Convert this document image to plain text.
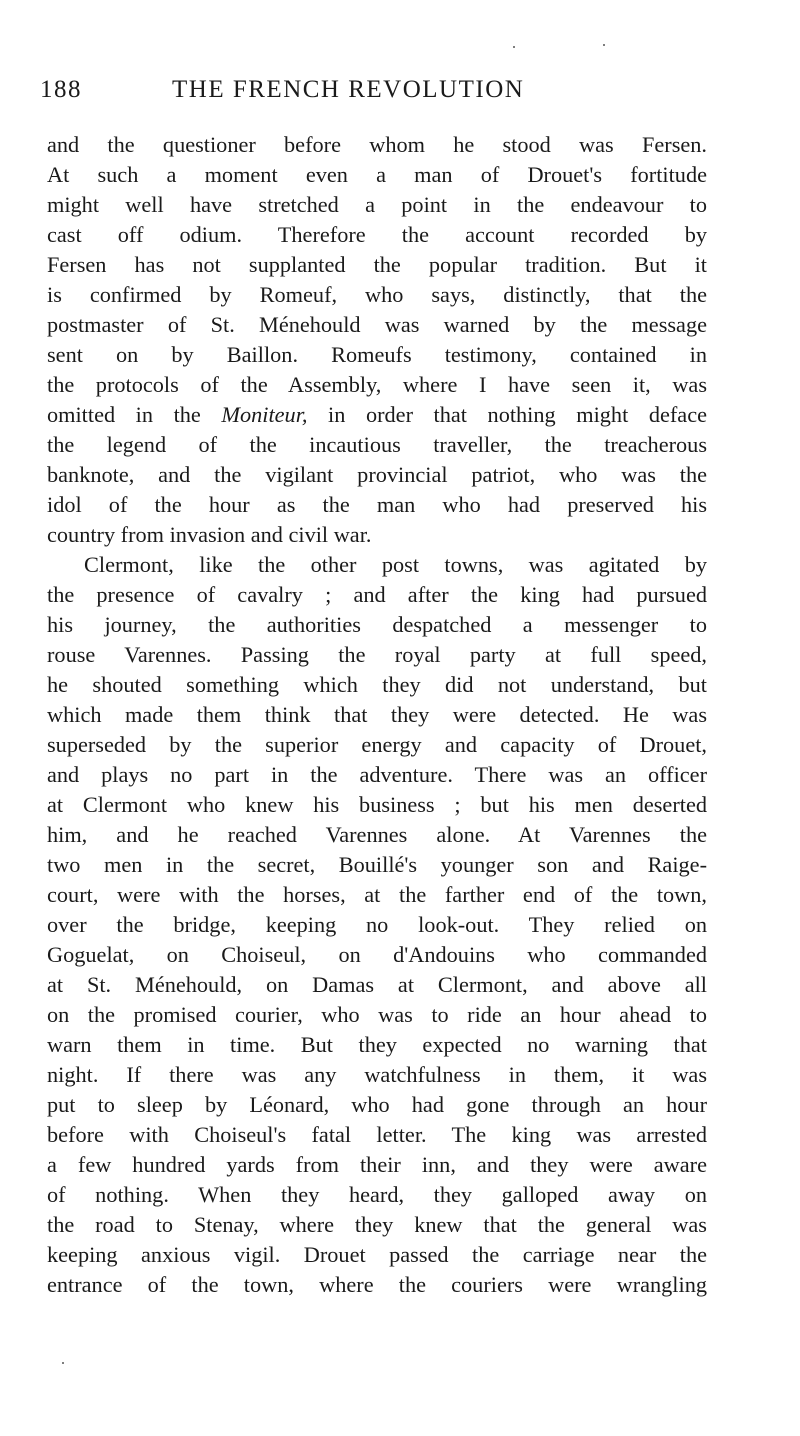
188	THE FRENCH REVOLUTION
and the questioner before whom he stood was Fersen.
At such a moment even a man of Drouet's fortitude
might well have stretched a point in the endeavour to
cast off odium. Therefore the account recorded by
Fersen has not supplanted the popular tradition. But it
is confirmed by Romeuf, who says, distinctly, that the
postmaster of St. Ménehould was warned by the message
sent on by Baillon. Romeufs testimony, contained in
the protocols of the Assembly, where I have seen it, was
omitted in the Moniteur, in order that nothing might deface
the legend of the incautious traveller, the treacherous
banknote, and the vigilant provincial patriot, who was the
idol of the hour as the man who had preserved his
country from invasion and civil war.
Clermont, like the other post towns, was agitated by
the presence of cavalry ; and after the king had pursued
his journey, the authorities despatched a messenger to
rouse Varennes. Passing the royal party at full speed,
he shouted something which they did not understand, but
which made them think that they were detected. He was
superseded by the superior energy and capacity of Drouet,
and plays no part in the adventure. There was an officer
at Clermont who knew his business ; but his men deserted
him, and he reached Varennes alone. At Varennes the
two men in the secret, Bouillé's younger son and Raige-
court, were with the horses, at the farther end of the town,
over the bridge, keeping no look-out. They relied on
Goguelat, on Choiseul, on d'Andouins who commanded
at St. Ménehould, on Damas at Clermont, and above all
on the promised courier, who was to ride an hour ahead to
warn them in time. But they expected no warning that
night. If there was any watchfulness in them, it was
put to sleep by Léonard, who had gone through an hour
before with Choiseul's fatal letter. The king was arrested
a few hundred yards from their inn, and they were aware
of nothing. When they heard, they galloped away on
the road to Stenay, where they knew that the general was
keeping anxious vigil. Drouet passed the carriage near the
entrance of the town, where the couriers were wrangling
